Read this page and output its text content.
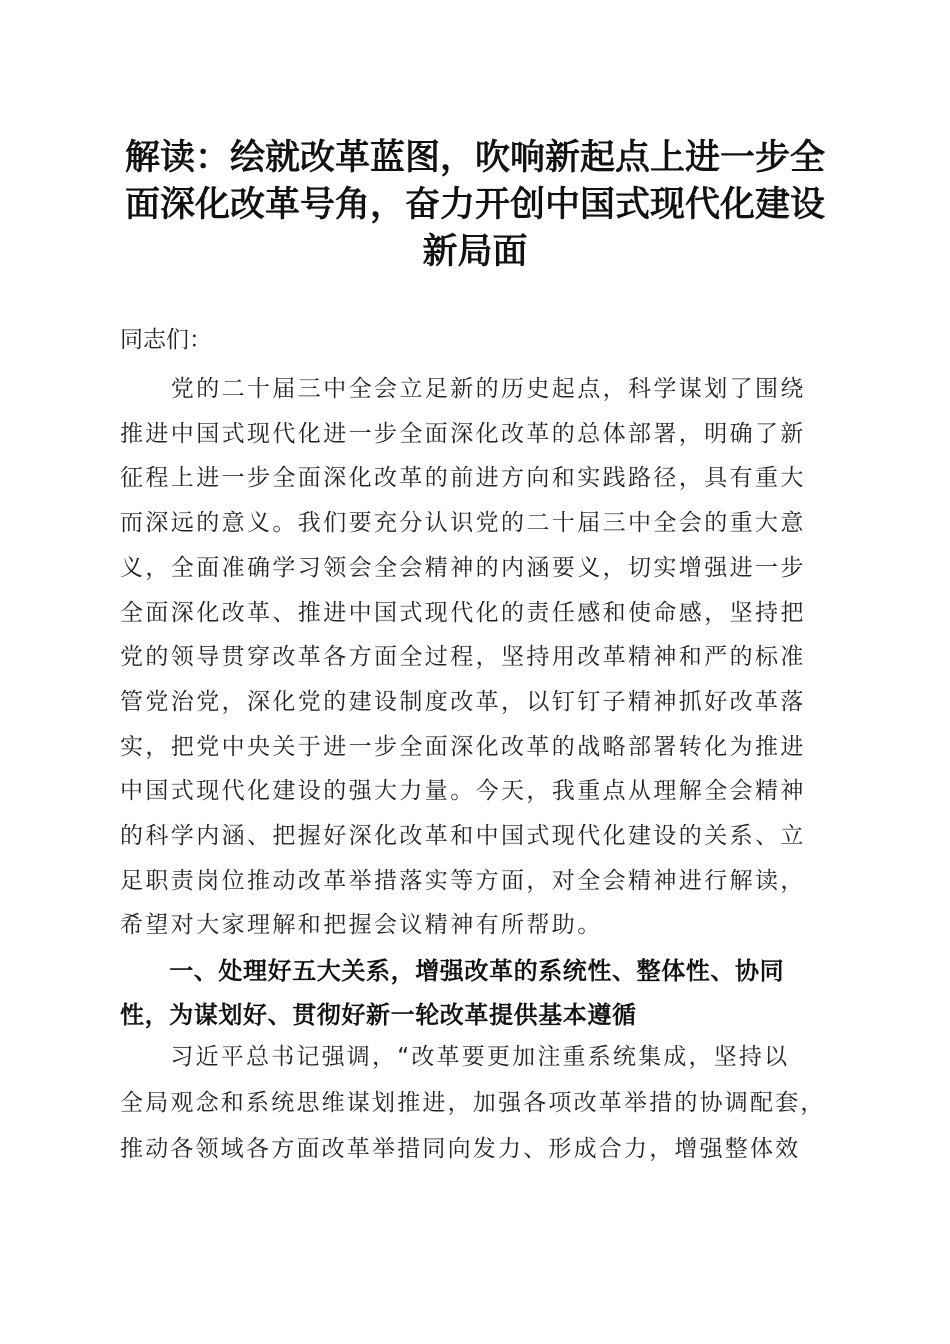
解读：绘就改革蓝图，吹响新起点上进一步全
面深化改革号角，奋力开创中国式现代化建设
新局面

同志们：

　　党的二十届三中全会立足新的历史起点，科学谋划了围绕
推进中国式现代化进一步全面深化改革的总体部署，明确了新
征程上进一步全面深化改革的前进方向和实践路径，具有重大
而深远的意义。我们要充分认识党的二十届三中全会的重大意
义，全面准确学习领会全会精神的内涵要义，切实增强进一步
全面深化改革、推进中国式现代化的责任感和使命感，坚持把
党的领导贯穿改革各方面全过程，坚持用改革精神和严的标准
管党治党，深化党的建设制度改革，以钉钉子精神抓好改革落
实，把党中央关于进一步全面深化改革的战略部署转化为推进
中国式现代化建设的强大力量。今天，我重点从理解全会精神
的科学内涵、把握好深化改革和中国式现代化建设的关系、立
足职责岗位推动改革举措落实等方面，对全会精神进行解读，
希望对大家理解和把握会议精神有所帮助。
　　一、处理好五大关系，增强改革的系统性、整体性、协同
性，为谋划好、贯彻好新一轮改革提供基本遵循
　　习近平总书记强调，“改革要更加注重系统集成，坚持以
全局观念和系统思维谋划推进，加强各项改革举措的协调配套，
推动各领域各方面改革举措同向发力、形成合力，增强整体效
